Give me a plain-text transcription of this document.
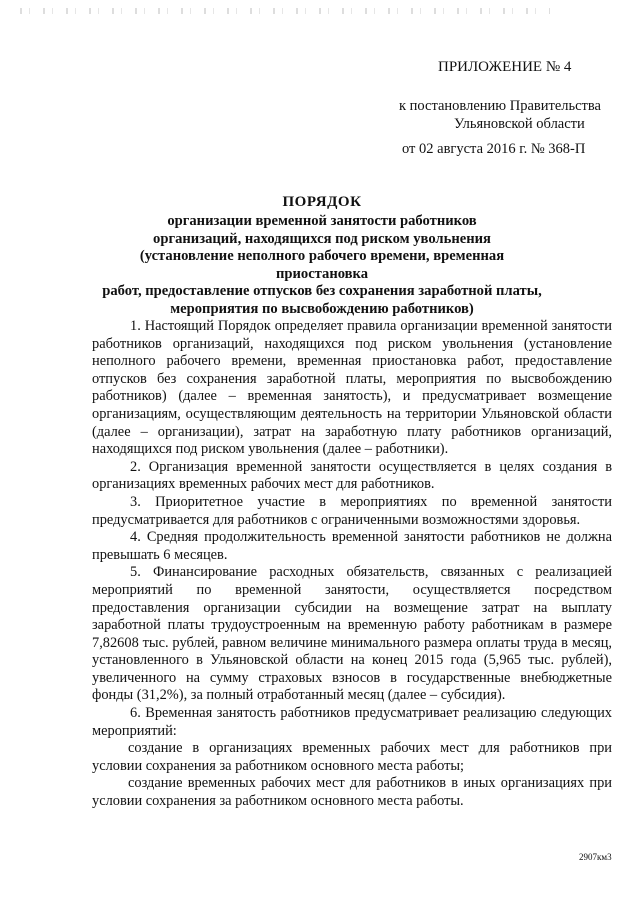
ПРИЛОЖЕНИЕ № 4
к постановлению Правительства
Ульяновской области
от 02 августа 2016 г. № 368-П
ПОРЯДОК
организации временной занятости работников
организаций, находящихся под риском увольнения
(установление неполного рабочего времени, временная приостановка
работ, предоставление отпусков без сохранения заработной платы,
мероприятия по высвобождению работников)

1. Настоящий Порядок определяет правила организации временной занятости работников организаций, находящихся под риском увольнения (установление неполного рабочего времени, временная приостановка работ, предоставление отпусков без сохранения заработной платы, мероприятия по высвобождению работников) (далее – временная занятость), и предусматривает возмещение организациям, осуществляющим деятельность на территории Ульяновской области (далее – организации), затрат на заработную плату работников организаций, находящихся под риском увольнения (далее – работники).

2. Организация временной занятости осуществляется в целях создания в организациях временных рабочих мест для работников.

3. Приоритетное участие в мероприятиях по временной занятости предусматривается для работников с ограниченными возможностями здоровья.

4. Средняя продолжительность временной занятости работников не должна превышать 6 месяцев.

5. Финансирование расходных обязательств, связанных с реализацией мероприятий по временной занятости, осуществляется посредством предоставления организации субсидии на возмещение затрат на выплату заработной платы трудоустроенным на временную работу работникам в размере 7,82608 тыс. рублей, равном величине минимального размера оплаты труда в месяц, установленного в Ульяновской области на конец 2015 года (5,965 тыс. рублей), увеличенного на сумму страховых взносов в государственные внебюджетные фонды (31,2%), за полный отработанный месяц (далее – субсидия).

6. Временная занятость работников предусматривает реализацию следующих мероприятий:

создание в организациях временных рабочих мест для работников при условии сохранения за работником основного места работы;

создание временных рабочих мест для работников в иных организациях при условии сохранения за работником основного места работы.

2907км3
